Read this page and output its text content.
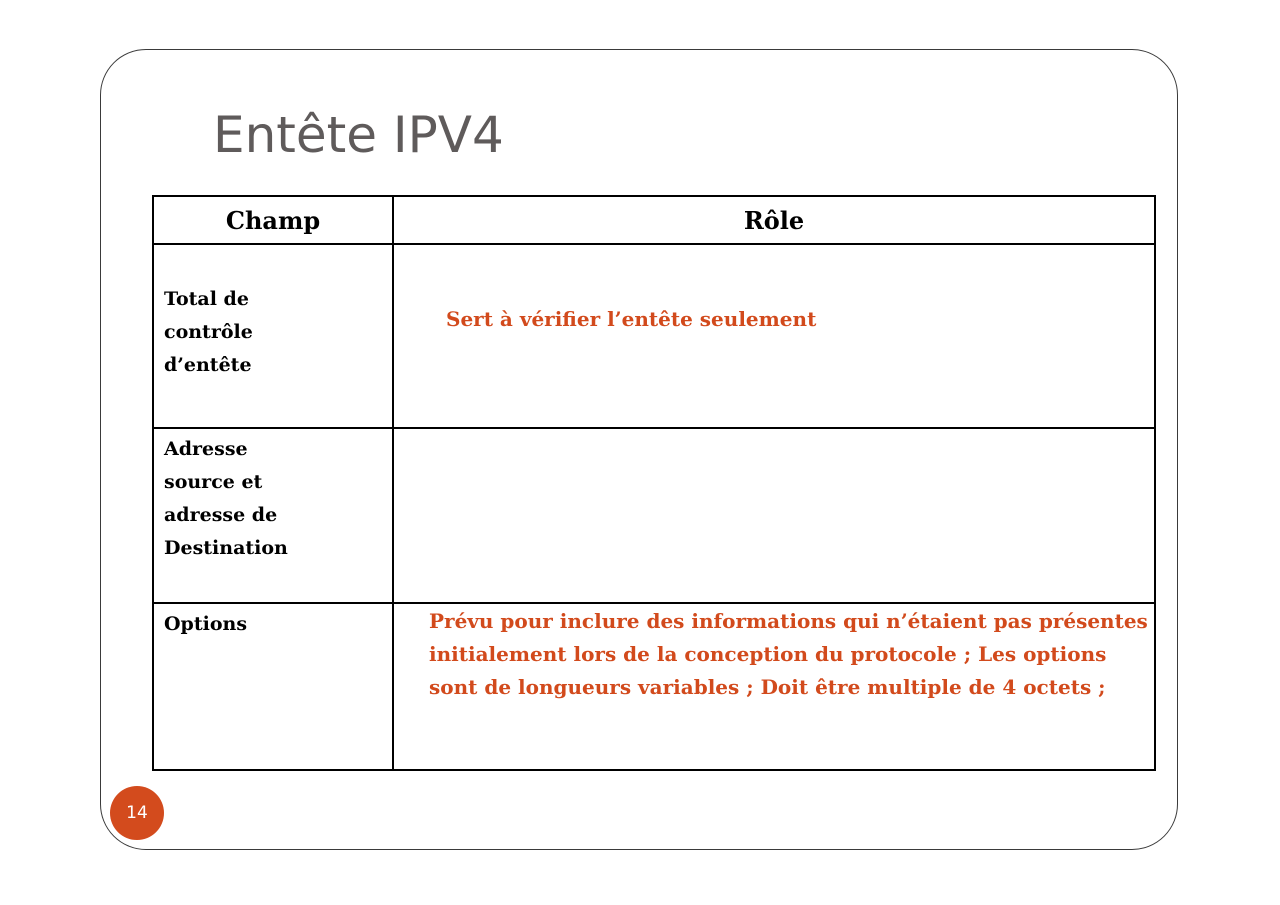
Entête IPV4
Champ	Rôle

Total de contrôle d’entête	Sert à vérifier l’entête seulement

Adresse source et adresse de Destination	

Options	Prévu pour inclure des informations qui n’étaient pas présentes initialement lors de la conception du protocole ; Les options sont de longueurs variables ; Doit être multiple de 4 octets ;
14
